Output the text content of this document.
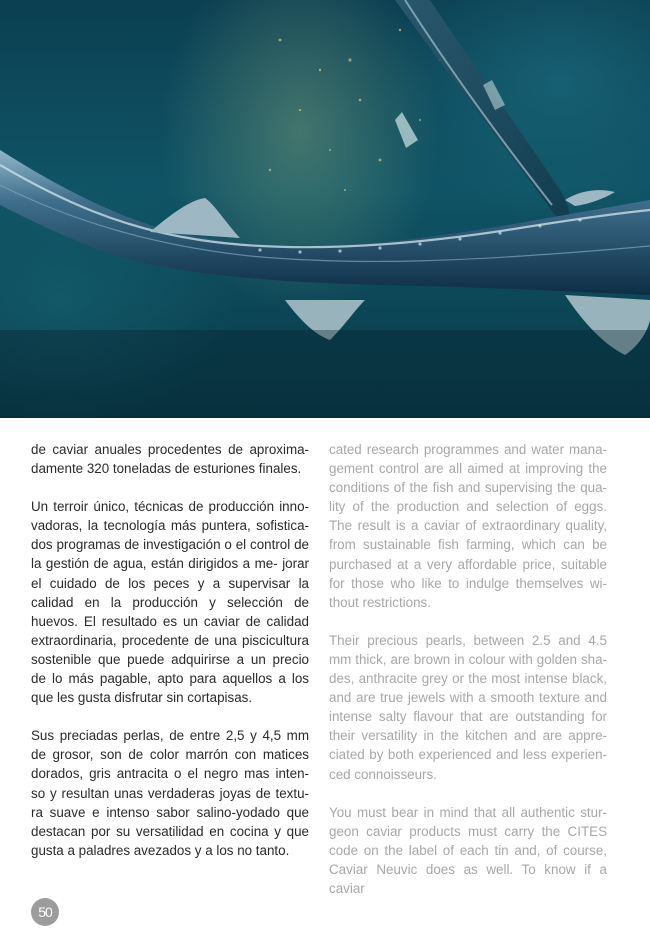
de caviar anuales procedentes de aproxima- damente 320 toneladas de esturiones finales.

Un terroir único, técnicas de producción inno- vadoras, la tecnología más puntera, sofistica- dos programas de investigación o el control de la gestión de agua, están dirigidos a me- jorar el cuidado de los peces y a supervisar la calidad en la producción y selección de huevos. El resultado es un caviar de calidad extraordinaria, procedente de una piscicultura sostenible que puede adquirirse a un precio de lo más pagable, apto para aquellos a los que les gusta disfrutar sin cortapisas.

Sus preciadas perlas, de entre 2,5 y 4,5 mm de grosor, son de color marrón con matices dorados, gris antracita o el negro mas inten- so y resultan unas verdaderas joyas de textu- ra suave e intenso sabor salino-yodado que destacan por su versatilidad en cocina y que gusta a paladres avezados y a los no tanto.

cated research programmes and water mana- gement control are all aimed at improving the conditions of the fish and supervising the qua- lity of the production and selection of eggs. The result is a caviar of extraordinary quality, from sustainable fish farming, which can be purchased at a very affordable price, suitable for those who like to indulge themselves wi- thout restrictions.

Their precious pearls, between 2.5 and 4.5 mm thick, are brown in colour with golden sha- des, anthracite grey or the most intense black, and are true jewels with a smooth texture and intense salty flavour that are outstanding for their versatility in the kitchen and are appre- ciated by both experienced and less experien- ced connoisseurs.

You must bear in mind that all authentic stur- geon caviar products must carry the CITES code on the label of each tin and, of course, Caviar Neuvic does as well. To know if a caviar

50
